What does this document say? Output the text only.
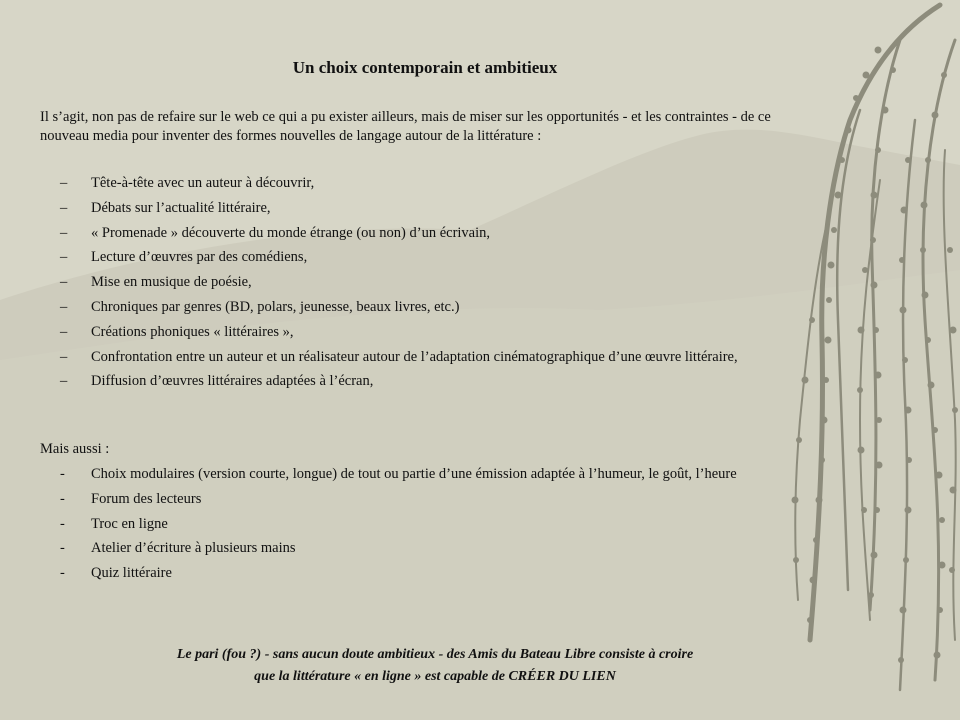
Un choix contemporain et ambitieux

Il s’agit, non pas de refaire sur le web ce qui a pu exister ailleurs, mais de miser sur les opportunités - et les contraintes - de ce nouveau media pour inventer des formes nouvelles de langage autour de la littérature :

– Tête-à-tête avec un auteur à découvrir,
– Débats sur l’actualité littéraire,
– « Promenade » découverte du monde étrange (ou non) d’un écrivain,
– Lecture d’œuvres par des comédiens,
– Mise en musique de poésie,
– Chroniques par genres (BD, polars, jeunesse, beaux livres, etc.)
– Créations phoniques « littéraires »,
– Confrontation entre un auteur et un réalisateur autour de l’adaptation cinématographique d’une œuvre littéraire,
– Diffusion d’œuvres littéraires adaptées à l’écran,

Mais aussi :

- Choix modulaires (version courte, longue) de tout ou partie d’une émission adaptée à l’humeur, le goût, l’heure
- Forum des lecteurs
- Troc en ligne
- Atelier d’écriture à plusieurs mains
- Quiz littéraire
Le pari (fou ?) - sans aucun doute ambitieux - des Amis du Bateau Libre consiste à croire
que la littérature « en ligne » est capable de CRÉER DU LIEN
